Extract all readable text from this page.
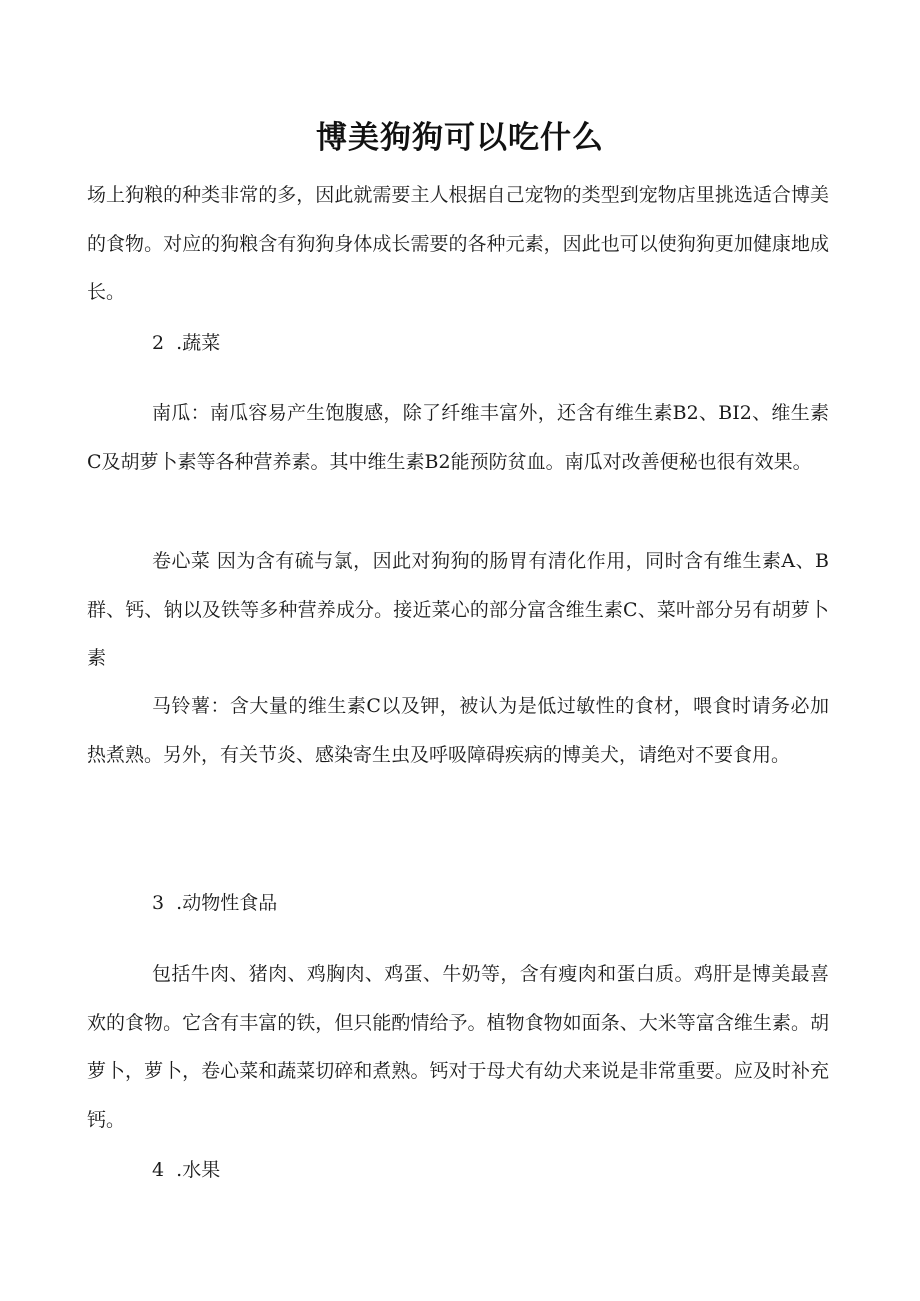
博美狗狗可以吃什么

场上狗粮的种类非常的多，因此就需要主人根据自己宠物的类型到宠物店里挑选适合博美的食物。对应的狗粮含有狗狗身体成长需要的各种元素，因此也可以使狗狗更加健康地成长。

2  .蔬菜

南瓜：南瓜容易产生饱腹感，除了纤维丰富外，还含有维生素B2、BI2、维生素C及胡萝卜素等各种营养素。其中维生素B2能预防贫血。南瓜对改善便秘也很有效果。

卷心菜 因为含有硫与氯，因此对狗狗的肠胃有清化作用，同时含有维生素A、B群、钙、钠以及铁等多种营养成分。接近菜心的部分富含维生素C、菜叶部分另有胡萝卜素

马铃薯：含大量的维生素C以及钾，被认为是低过敏性的食材，喂食时请务必加热煮熟。另外，有关节炎、感染寄生虫及呼吸障碍疾病的博美犬，请绝对不要食用。

3  .动物性食品

包括牛肉、猪肉、鸡胸肉、鸡蛋、牛奶等，含有瘦肉和蛋白质。鸡肝是博美最喜欢的食物。它含有丰富的铁，但只能酌情给予。植物食物如面条、大米等富含维生素。胡萝卜，萝卜，卷心菜和蔬菜切碎和煮熟。钙对于母犬有幼犬来说是非常重要。应及时补充钙。

4  .水果
